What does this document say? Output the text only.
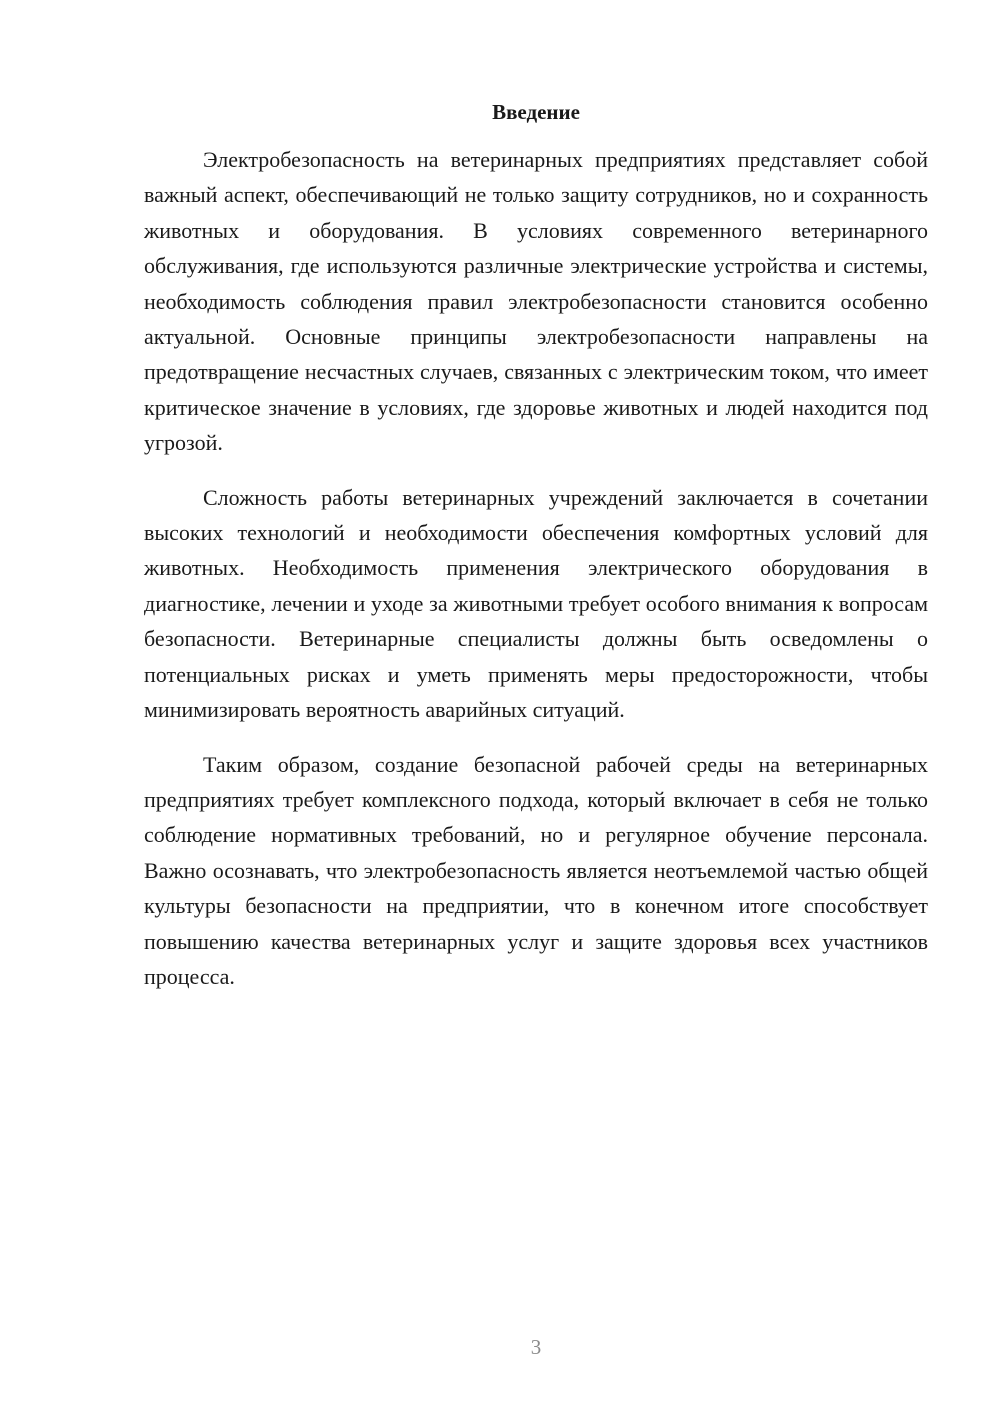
Введение

Электробезопасность на ветеринарных предприятиях представляет собой важный аспект, обеспечивающий не только защиту сотрудников, но и сохранность животных и оборудования. В условиях современного ветеринарного обслуживания, где используются различные электрические устройства и системы, необходимость соблюдения правил электробезопасности становится особенно актуальной. Основные принципы электробезопасности направлены на предотвращение несчастных случаев, связанных с электрическим током, что имеет критическое значение в условиях, где здоровье животных и людей находится под угрозой.

Сложность работы ветеринарных учреждений заключается в сочетании высоких технологий и необходимости обеспечения комфортных условий для животных. Необходимость применения электрического оборудования в диагностике, лечении и уходе за животными требует особого внимания к вопросам безопасности. Ветеринарные специалисты должны быть осведомлены о потенциальных рисках и уметь применять меры предосторожности, чтобы минимизировать вероятность аварийных ситуаций.

Таким образом, создание безопасной рабочей среды на ветеринарных предприятиях требует комплексного подхода, который включает в себя не только соблюдение нормативных требований, но и регулярное обучение персонала. Важно осознавать, что электробезопасность является неотъемлемой частью общей культуры безопасности на предприятии, что в конечном итоге способствует повышению качества ветеринарных услуг и защите здоровья всех участников процесса.

3
